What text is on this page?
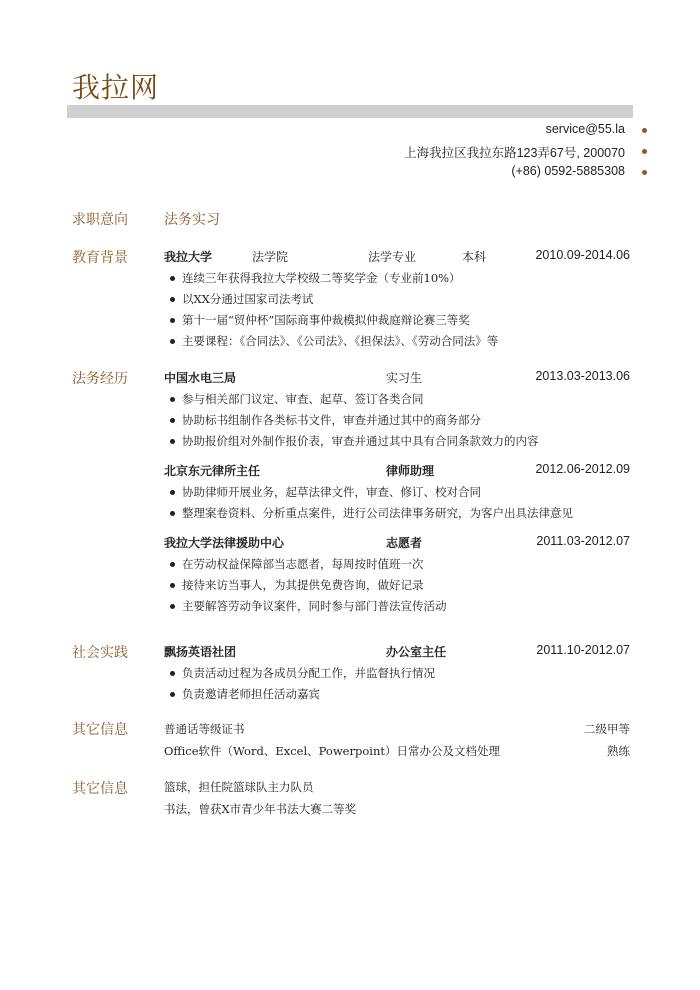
我拉网
service@55.la
上海我拉区我拉东路123弄67号, 200070
(+86) 0592-5885308
求职意向	法务实习
教育背景	我拉大学	法学院	法学专业	本科	2010.09-2014.06
连续三年获得我拉大学校级二等奖学金（专业前10%）
以XX分通过国家司法考试
第十一届“贸仲杯”国际商事仲裁模拟仲裁庭辩论赛三等奖
主要课程：《合同法》、《公司法》、《担保法》、《劳动合同法》等
法务经历	中国水电三局	实习生	2013.03-2013.06
参与相关部门议定、审查、起草、签订各类合同
协助标书组制作各类标书文件，审查并通过其中的商务部分
协助报价组对外制作报价表，审查并通过其中具有合同条款效力的内容
北京东元律所主任	律师助理	2012.06-2012.09
协助律师开展业务，起草法律文件，审查、修订、校对合同
整理案卷资料、分析重点案件，进行公司法律事务研究，为客户出具法律意见
我拉大学法律援助中心	志愿者	2011.03-2012.07
在劳动权益保障部当志愿者，每周按时值班一次
接待来访当事人，为其提供免费咨询，做好记录
主要解答劳动争议案件，同时参与部门普法宣传活动
社会实践	飘扬英语社团	办公室主任	2011.10-2012.07
负责活动过程为各成员分配工作，并监督执行情况
负责邀请老师担任活动嘉宾
其它信息	普通话等级证书	二级甲等
Office软件（Word、Excel、Powerpoint）日常办公及文档处理	熟练
其它信息	篮球，担任院篮球队主力队员
书法，曾获X市青少年书法大赛二等奖
